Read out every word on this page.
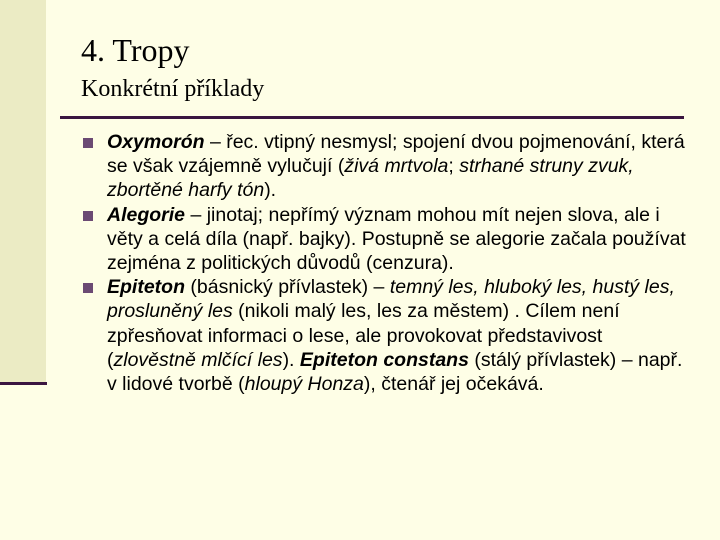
4. Tropy
Konkrétní příklady
Oxymorón – řec. vtipný nesmysl; spojení dvou pojmenování, která se však vzájemně vylučují (živá mrtvola; strhané struny zvuk, zbortěné harfy tón).
Alegorie – jinotaj; nepřímý význam mohou mít nejen slova, ale i věty a celá díla (např. bajky). Postupně se alegorie začala používat zejména z politických důvodů (cenzura).
Epiteton (básnický přívlastek) – temný les, hluboký les, hustý les, prosluněný les (nikoli malý les, les za městem) . Cílem není zpřesňovat informaci o lese, ale provokovat představivost (zlověstně mlčící les). Epiteton constans (stálý přívlastek) – např. v lidové tvorbě (hloupý Honza), čtenář jej očekává.
